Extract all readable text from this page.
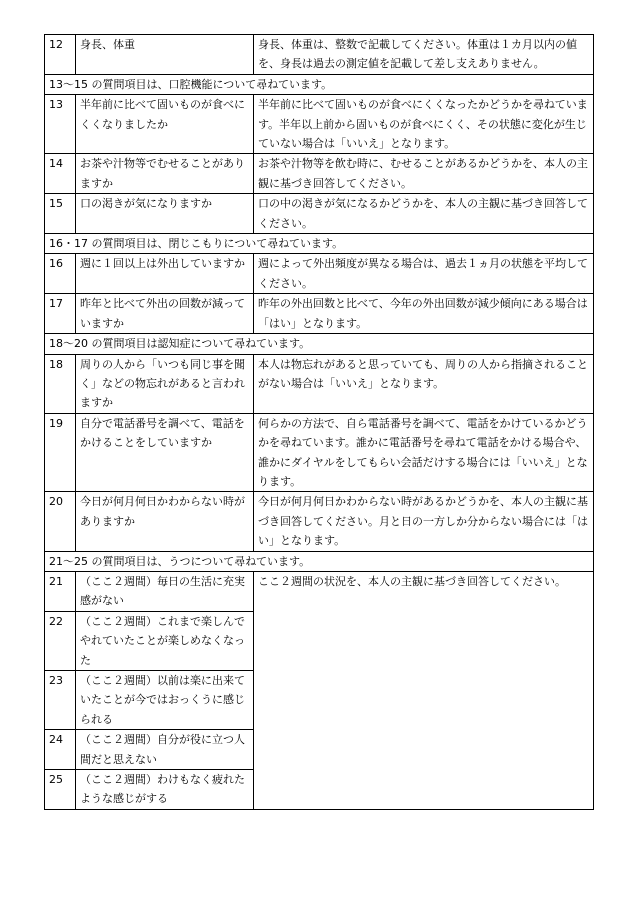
12	身長、体重	身長、体重は、整数で記載してください。体重は１カ月以内の値を、身長は過去の測定値を記載して差し支えありません。
13～15 の質問項目は、口腔機能について尋ねています。		
13	半年前に比べて固いものが食べにくくなりましたか	半年前に比べて固いものが食べにくくなったかどうかを尋ねています。半年以上前から固いものが食べにくく、その状態に変化が生じていない場合は「いいえ」となります。
14	お茶や汁物等でむせることがありますか	お茶や汁物等を飲む時に、むせることがあるかどうかを、本人の主観に基づき回答してください。
15	口の渇きが気になりますか	口の中の渇きが気になるかどうかを、本人の主観に基づき回答してください。
16・17 の質問項目は、閉じこもりについて尋ねています。		
16	週に１回以上は外出していますか	週によって外出頻度が異なる場合は、過去１ヵ月の状態を平均してください。
17	昨年と比べて外出の回数が減っていますか	昨年の外出回数と比べて、今年の外出回数が減少傾向にある場合は「はい」となります。
18～20 の質問項目は認知症について尋ねています。		
18	周りの人から「いつも同じ事を聞く」などの物忘れがあると言われますか	本人は物忘れがあると思っていても、周りの人から指摘されることがない場合は「いいえ」となります。
19	自分で電話番号を調べて、電話をかけることをしていますか	何らかの方法で、自ら電話番号を調べて、電話をかけているかどうかを尋ねています。誰かに電話番号を尋ねて電話をかける場合や、誰かにダイヤルをしてもらい会話だけする場合には「いいえ」となります。
20	今日が何月何日かわからない時がありますか	今日が何月何日かわからない時があるかどうかを、本人の主観に基づき回答してください。月と日の一方しか分からない場合には「はい」となります。
21～25 の質問項目は、うつについて尋ねています。		
21	（ここ２週間）毎日の生活に充実感がない	ここ２週間の状況を、本人の主観に基づき回答してください。
22	（ここ２週間）これまで楽しんでやれていたことが楽しめなくなった	
23	（ここ２週間）以前は楽に出来ていたことが今ではおっくうに感じられる	
24	（ここ２週間）自分が役に立つ人間だと思えない	
25	（ここ２週間）わけもなく疲れたような感じがする	
